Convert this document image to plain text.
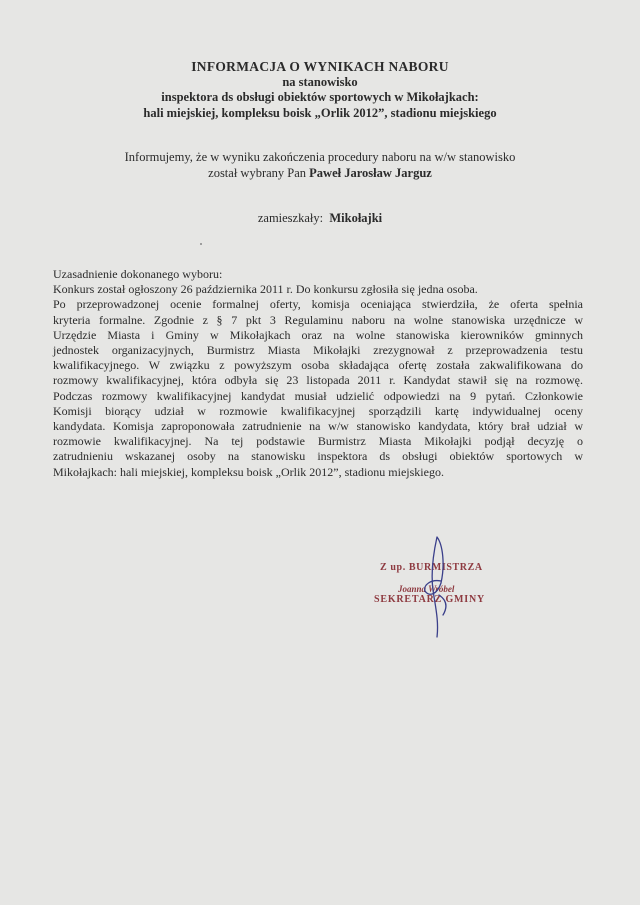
INFORMACJA O WYNIKACH NABORU
na stanowisko
inspektora ds obsługi obiektów sportowych w Mikołajkach:
hali miejskiej, kompleksu boisk „Orlik 2012”, stadionu miejskiego
Informujemy, że w wyniku zakończenia procedury naboru na w/w stanowisko
został wybrany Pan Paweł Jarosław Jarguz
zamieszkały: Mikołajki
Uzasadnienie dokonanego wyboru:
Konkurs został ogłoszony 26 października 2011 r. Do konkursu zgłosiła się jedna osoba.
Po przeprowadzonej ocenie formalnej oferty, komisja oceniająca stwierdziła, że oferta spełnia
kryteria formalne. Zgodnie z § 7 pkt 3 Regulaminu naboru na wolne stanowiska urzędnicze w
Urzędzie Miasta i Gminy w Mikołajkach oraz na wolne stanowiska kierowników gminnych
jednostek organizacyjnych, Burmistrz Miasta Mikołajki zrezygnował z przeprowadzenia testu
kwalifikacyjnego. W związku z powyższym osoba składająca ofertę została zakwalifikowana do
rozmowy kwalifikacyjnej, która odbyła się 23 listopada 2011 r. Kandydat stawił się na rozmowę.
Podczas rozmowy kwalifikacyjnej kandydat musiał udzielić odpowiedzi na 9 pytań. Członkowie
Komisji biorący udział w rozmowie kwalifikacyjnej sporządzili kartę indywidualnej oceny
kandydata. Komisja zaproponowała zatrudnienie na w/w stanowisko kandydata, który brał udział w
rozmowie kwalifikacyjnej. Na tej podstawie Burmistrz Miasta Mikołajki podjął decyzję o
zatrudnieniu wskazanej osoby na stanowisku inspektora ds obsługi obiektów sportowych w
Mikołajkach: hali miejskiej, kompleksu boisk „Orlik 2012”, stadionu miejskiego.
Z up. BURMISTRZA
Joanna Wróbel
SEKRETARZ GMINY
